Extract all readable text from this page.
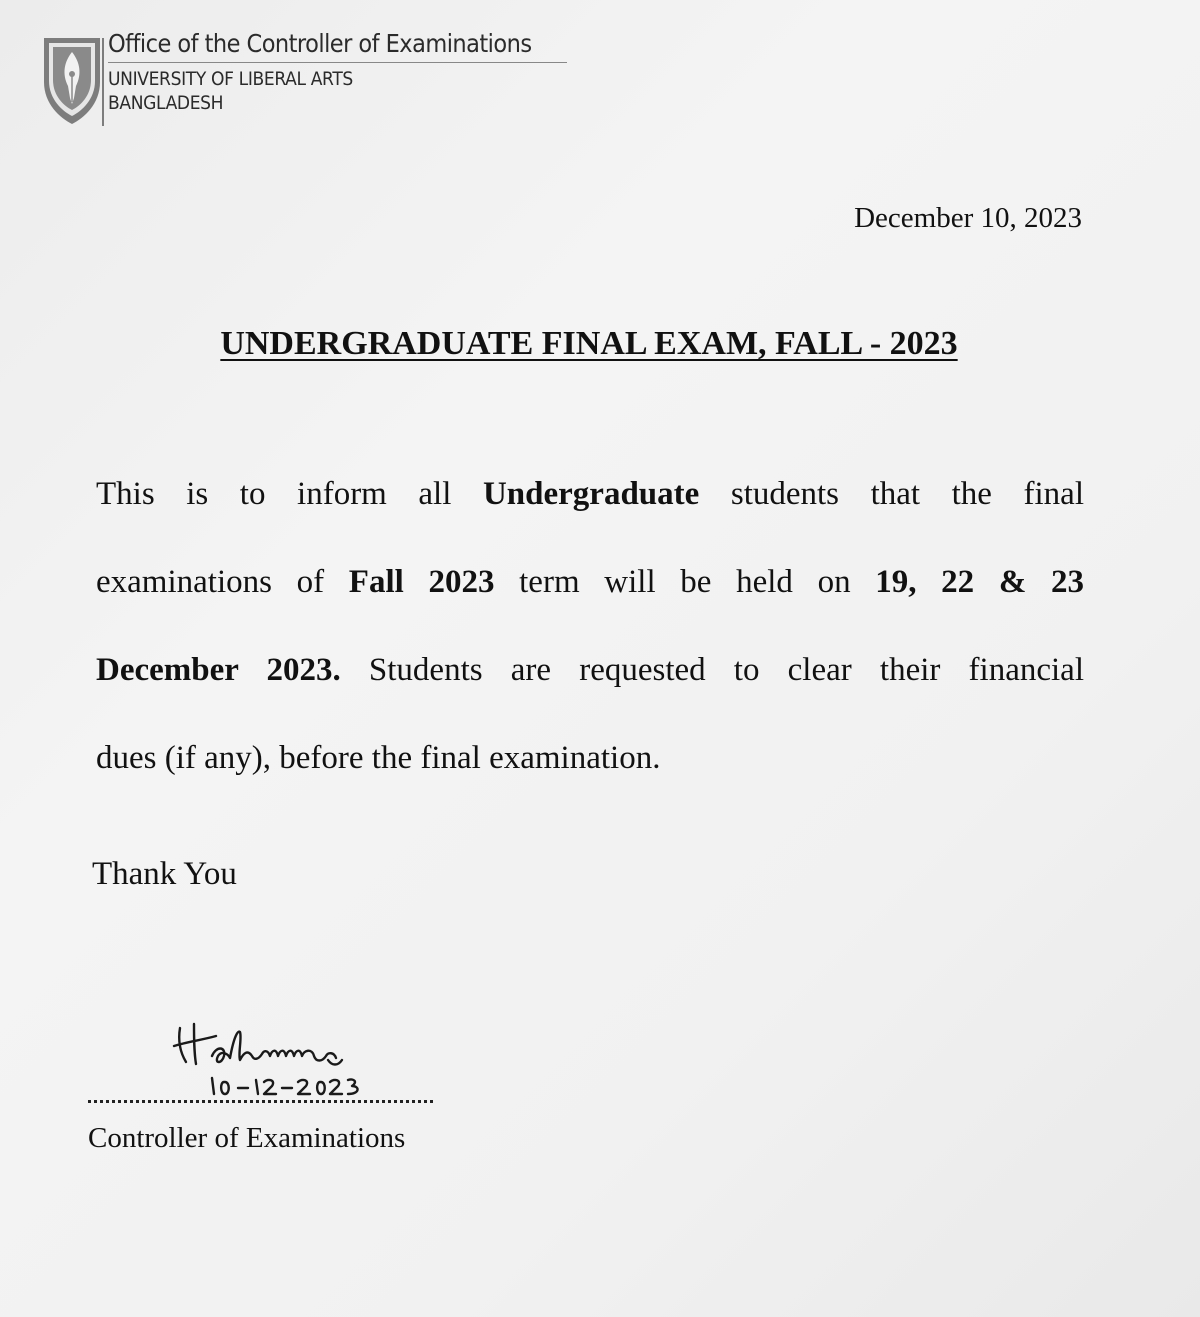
Office of the Controller of Examinations
UNIVERSITY OF LIBERAL ARTS
BANGLADESH
December 10, 2023
UNDERGRADUATE FINAL EXAM, FALL - 2023
This is to inform all Undergraduate students that the final
examinations of Fall 2023 term will be held on 19, 22 & 23
December 2023. Students are requested to clear their financial
dues (if any), before the final examination.
Thank You
Controller of Examinations
